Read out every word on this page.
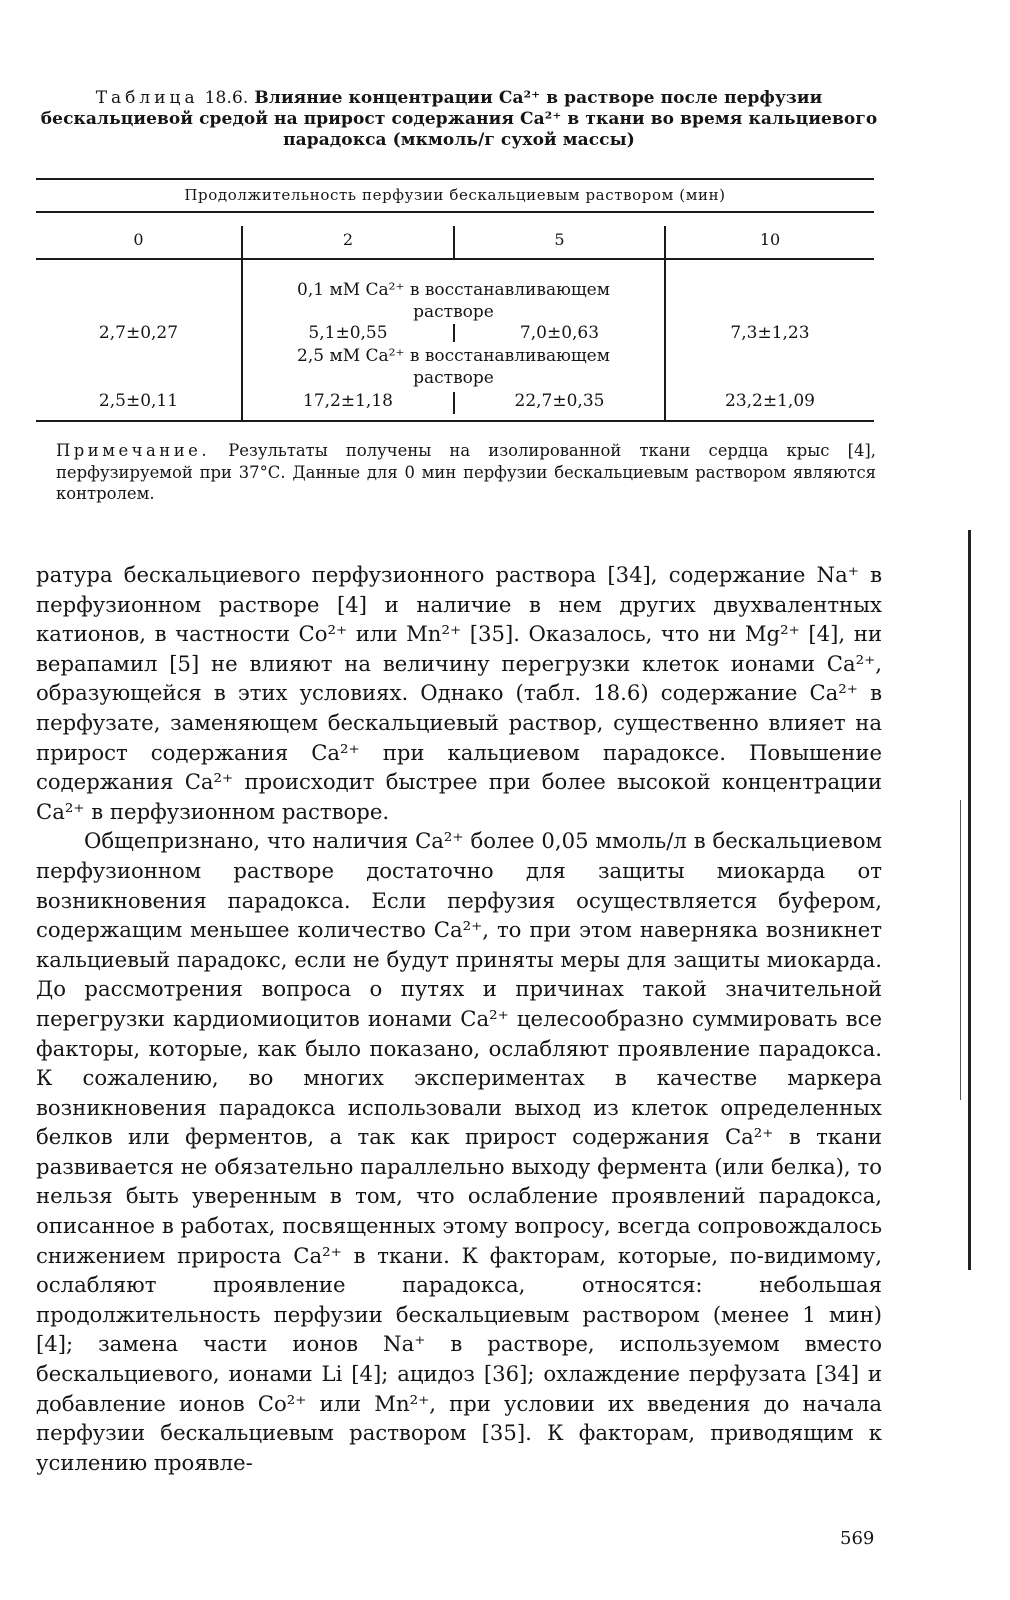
Таблица 18.6. Влияние концентрации Са²⁺ в растворе после перфузии бескальциевой средой на прирост содержания Са²⁺ в ткани во время кальциевого парадокса (мкмоль/г сухой массы)
Продолжительность перфузии бескальциевым раствором (мин)
0	2	5	10
0,1 мМ Са²⁺ в восстанавливающем
растворе
2,7±0,27	5,1±0,55	7,0±0,63	7,3±1,23
2,5 мМ Са²⁺ в восстанавливающем
растворе
2,5±0,11	17,2±1,18	22,7±0,35	23,2±1,09
Примечание. Результаты получены на изолированной ткани сердца крыс [4], перфузируемой при 37°С. Данные для 0 мин перфузии бескальциевым раствором являются контролем.

ратура бескальциевого перфузионного раствора [34], содержание Na⁺ в перфузионном растворе [4] и наличие в нем других двухвалентных катионов, в частности Со²⁺ или Mn²⁺ [35]. Оказалось, что ни Mg²⁺ [4], ни верапамил [5] не влияют на величину перегрузки клеток ионами Са²⁺, образующейся в этих условиях. Однако (табл. 18.6) содержание Са²⁺ в перфузате, заменяющем бескальциевый раствор, существенно влияет на прирост содержания Са²⁺ при кальциевом парадоксе. Повышение содержания Са²⁺ происходит быстрее при более высокой концентрации Са²⁺ в перфузионном растворе.

Общепризнано, что наличия Са²⁺ более 0,05 ммоль/л в бескальциевом перфузионном растворе достаточно для защиты миокарда от возникновения парадокса. Если перфузия осуществляется буфером, содержащим меньшее количество Са²⁺, то при этом наверняка возникнет кальциевый парадокс, если не будут приняты меры для защиты миокарда. До рассмотрения вопроса о путях и причинах такой значительной перегрузки кардиомиоцитов ионами Са²⁺ целесообразно суммировать все факторы, которые, как было показано, ослабляют проявление парадокса. К сожалению, во многих экспериментах в качестве маркера возникновения парадокса использовали выход из клеток определенных белков или ферментов, а так как прирост содержания Са²⁺ в ткани развивается не обязательно параллельно выходу фермента (или белка), то нельзя быть уверенным в том, что ослабление проявлений парадокса, описанное в работах, посвященных этому вопросу, всегда сопровождалось снижением прироста Са²⁺ в ткани. К факторам, которые, по-видимому, ослабляют проявление парадокса, относятся: небольшая продолжительность перфузии бескальциевым раствором (менее 1 мин) [4]; замена части ионов Na⁺ в растворе, используемом вместо бескальциевого, ионами Li [4]; ацидоз [36]; охлаждение перфузата [34] и добавление ионов Со²⁺ или Mn²⁺, при условии их введения до начала перфузии бескальциевым раствором [35]. К факторам, приводящим к усилению проявле-

569
